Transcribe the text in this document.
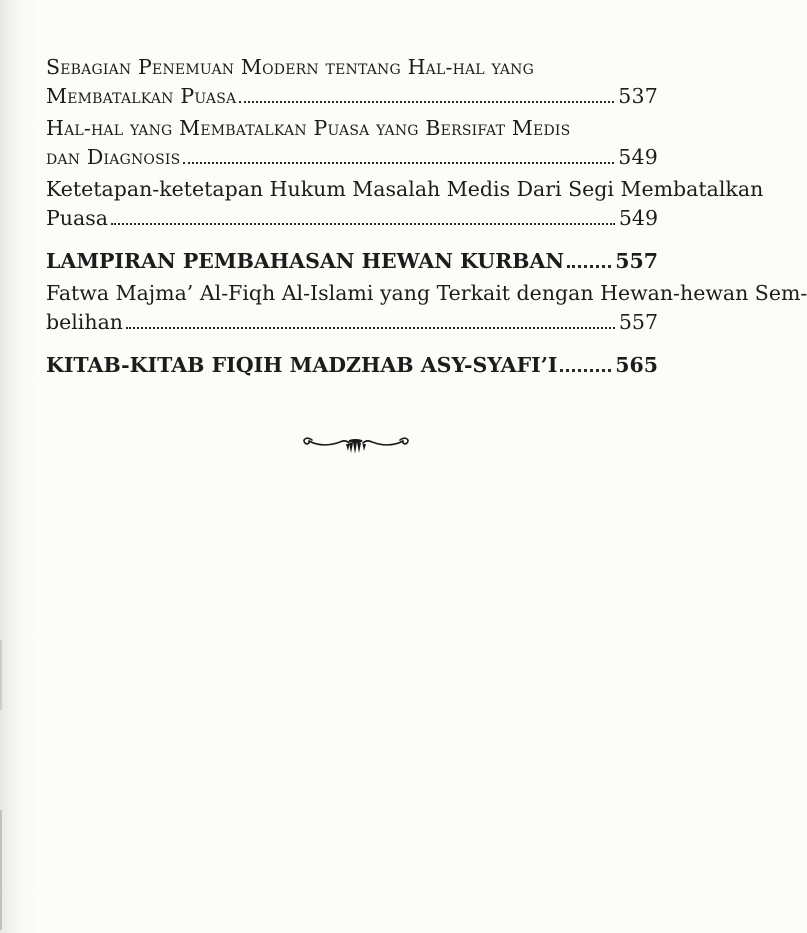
Sebagian Penemuan Modern tentang Hal-hal yang
Membatalkan Puasa	537
Hal-hal yang Membatalkan Puasa yang Bersifat Medis
dan Diagnosis	549
Ketetapan-ketetapan Hukum Masalah Medis Dari Segi Membatalkan
Puasa	549
LAMPIRAN PEMBAHASAN HEWAN KURBAN 557
Fatwa Majma’ Al-Fiqh Al-Islami yang Terkait dengan Hewan-hewan Sem-
belihan	557
KITAB-KITAB FIQIH MADZHAB ASY-SYAFI’I	565
